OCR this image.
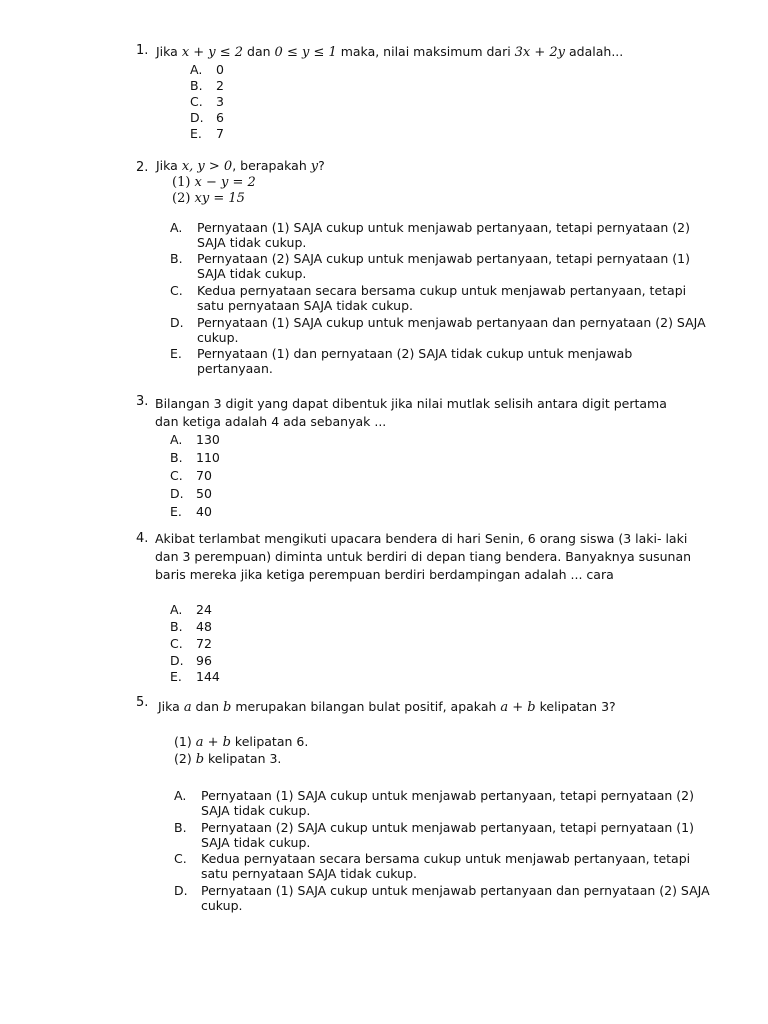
1. Jika x + y ≤ 2 dan 0 ≤ y ≤ 1 maka, nilai maksimum dari 3x + 2y adalah...
A. 0
B. 2
C. 3
D. 6
E. 7
2. Jika x, y > 0, berapakah y?
(1) x − y = 2
(2) xy = 15
A. Pernyataan (1) SAJA cukup untuk menjawab pertanyaan, tetapi pernyataan (2) SAJA tidak cukup.
B. Pernyataan (2) SAJA cukup untuk menjawab pertanyaan, tetapi pernyataan (1) SAJA tidak cukup.
C. Kedua pernyataan secara bersama cukup untuk menjawab pertanyaan, tetapi satu pernyataan SAJA tidak cukup.
D. Pernyataan (1) SAJA cukup untuk menjawab pertanyaan dan pernyataan (2) SAJA cukup.
E. Pernyataan (1) dan pernyataan (2) SAJA tidak cukup untuk menjawab pertanyaan.
3. Bilangan 3 digit yang dapat dibentuk jika nilai mutlak selisih antara digit pertama
dan ketiga adalah 4 ada sebanyak ...
A. 130
B. 110
C. 70
D. 50
E. 40
4. Akibat terlambat mengikuti upacara bendera di hari Senin, 6 orang siswa (3 laki- laki
dan 3 perempuan) diminta untuk berdiri di depan tiang bendera. Banyaknya susunan
baris mereka jika ketiga perempuan berdiri berdampingan adalah ... cara
A. 24
B. 48
C. 72
D. 96
E. 144
5. Jika a dan b merupakan bilangan bulat positif, apakah a + b kelipatan 3?
(1) a + b kelipatan 6.
(2) b kelipatan 3.
A. Pernyataan (1) SAJA cukup untuk menjawab pertanyaan, tetapi pernyataan (2) SAJA tidak cukup.
B. Pernyataan (2) SAJA cukup untuk menjawab pertanyaan, tetapi pernyataan (1) SAJA tidak cukup.
C. Kedua pernyataan secara bersama cukup untuk menjawab pertanyaan, tetapi satu pernyataan SAJA tidak cukup.
D. Pernyataan (1) SAJA cukup untuk menjawab pertanyaan dan pernyataan (2) SAJA cukup.
